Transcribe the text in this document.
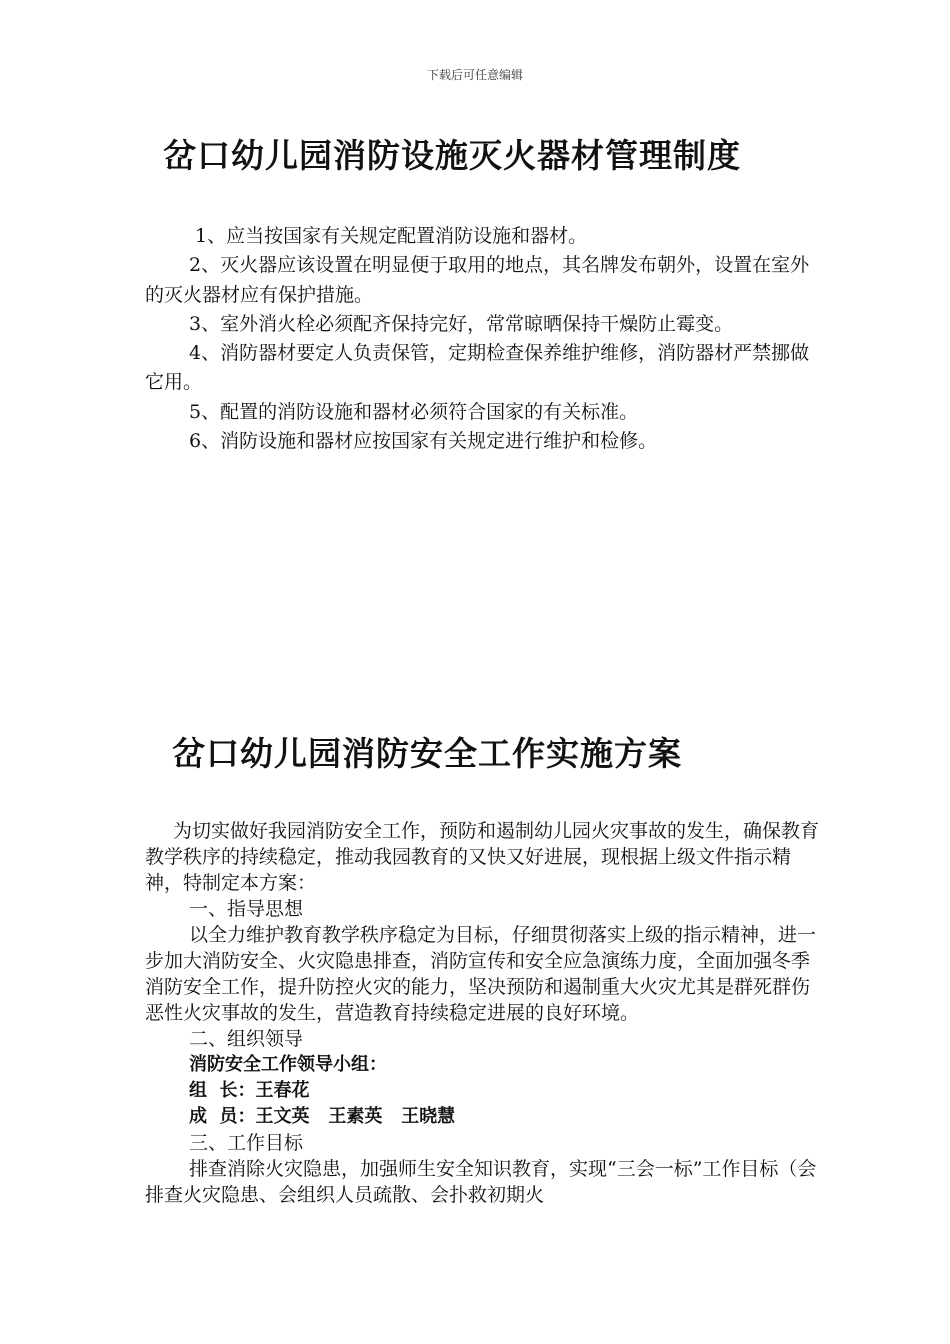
下载后可任意编辑
岔口幼儿园消防设施灭火器材管理制度

1、应当按国家有关规定配置消防设施和器材。

2、灭火器应该设置在明显便于取用的地点，其名牌发布朝外，设置在室外的灭火器材应有保护措施。

3、室外消火栓必须配齐保持完好，常常晾晒保持干燥防止霉变。

4、消防器材要定人负责保管，定期检查保养维护维修，消防器材严禁挪做它用。

5、配置的消防设施和器材必须符合国家的有关标准。

6、消防设施和器材应按国家有关规定进行维护和检修。

岔口幼儿园消防安全工作实施方案

为切实做好我园消防安全工作，预防和遏制幼儿园火灾事故的发生，确保教育教学秩序的持续稳定，推动我园教育的又快又好进展，现根据上级文件指示精神，特制定本方案：

一、指导思想

以全力维护教育教学秩序稳定为目标，仔细贯彻落实上级的指示精神，进一步加大消防安全、火灾隐患排查，消防宣传和安全应急演练力度，全面加强冬季消防安全工作，提升防控火灾的能力，坚决预防和遏制重大火灾尤其是群死群伤恶性火灾事故的发生，营造教育持续稳定进展的良好环境。

二、组织领导

消防安全工作领导小组：

组  长：王春花

成  员：王文英   王素英   王晓慧

三、工作目标

排查消除火灾隐患，加强师生安全知识教育，实现“三会一标”工作目标（会排查火灾隐患、会组织人员疏散、会扑救初期火
